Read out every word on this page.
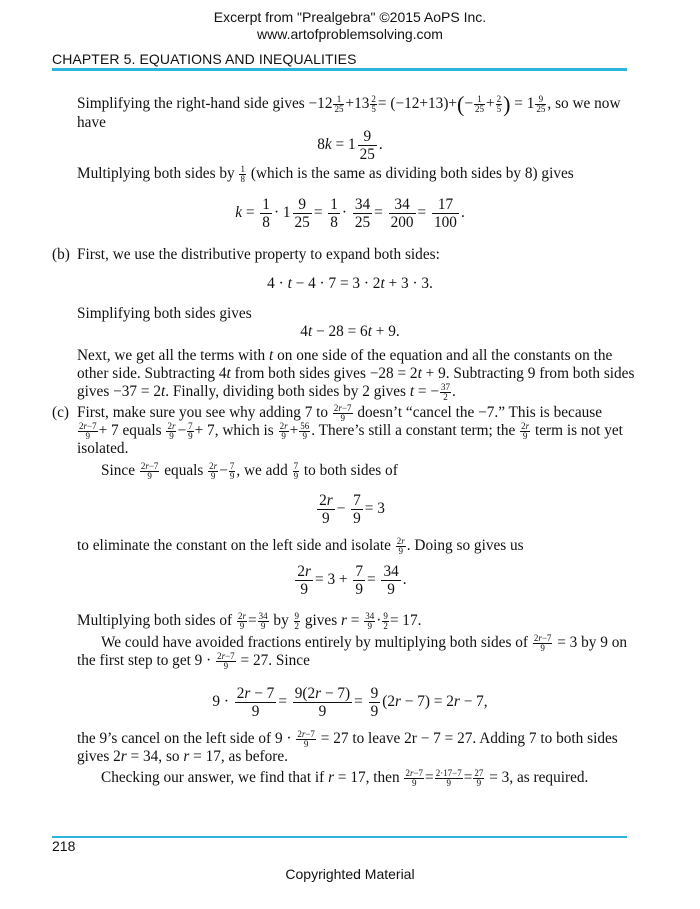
Excerpt from "Prealgebra" ©2015 AoPS Inc.
www.artofproblemsolving.com
CHAPTER 5. EQUATIONS AND INEQUALITIES
Simplifying the right-hand side gives $-12 \frac{1}{25} +13 \frac{2}{5} = (-12+13)+(- \frac{1}{25} + \frac{2}{5}$ ) = $1 \frac{9}{25}$ , so we now
have
$8k = 1 \frac{9}{25}$ .
Multiplying both sides by $\frac{1}{8}$ (which is the same as dividing both sides by 8) gives
$k = \frac{1}{8} \cdot 1 \frac{9}{25} = \frac{1}{8} \cdot \frac{34}{25} = \frac{34}{200} = \frac{17}{100}$ .
(b) First, we use the distributive property to expand both sides:
4 · t − 4 · 7 = 3 · 2t + 3 · 3.
Simplifying both sides gives
4t − 28 = 6t + 9.
Next, we get all the terms with t on one side of the equation and all the constants on the
other side. Subtracting 4t from both sides gives −28 = 2t + 9. Subtracting 9 from both sides
gives −37 = 2t. Finally, dividing both sides by 2 gives t = − $\frac{37}{2}$ .
(c) First, make sure you see why adding 7 to $\frac{2r-7}{9}$ doesn’t “cancel the −7.” This is because
$\frac{2r-7}{9} + 7$ equals $\frac{2r}{9} - \frac{7}{9} + 7$, which is $\frac{2r}{9} + \frac{56}{9}$ . There’s still a constant term; the $\frac{2r}{9}$ term is not yet
isolated.
Since $\frac{2r-7}{9}$ equals $\frac{2r}{9} - \frac{7}{9}$ , we add $\frac{7}{9}$ to both sides of
$\frac{2r}{9} - \frac{7}{9} = 3$
to eliminate the constant on the left side and isolate $\frac{2r}{9}$ . Doing so gives us
$\frac{2r}{9} = 3 + \frac{7}{9} = \frac{34}{9}$ .
Multiplying both sides of $\frac{2r}{9} = \frac{34}{9}$ by $\frac{9}{2}$ gives $r = \frac{34}{9} \cdot \frac{9}{2} = 17$.
We could have avoided fractions entirely by multiplying both sides of $\frac{2r-7}{9} = 3$ by 9 on
the first step to get $9 \cdot \frac{2r-7}{9} = 27$. Since
$9 \cdot \frac{2r - 7}{9} = \frac{9(2r - 7)}{9} = \frac{9}{9} (2r - 7) = 2r - 7$,
the 9’s cancel on the left side of $9 \cdot \frac{2r-7}{9} = 27$ to leave 2r − 7 = 27. Adding 7 to both sides
gives 2r = 34, so r = 17, as before.
Checking our answer, we find that if r = 17, then $\frac{2r-7}{9} = \frac{2\cdot 17-7}{9} = \frac{27}{9} = 3$, as required.
218
Copyrighted Material
